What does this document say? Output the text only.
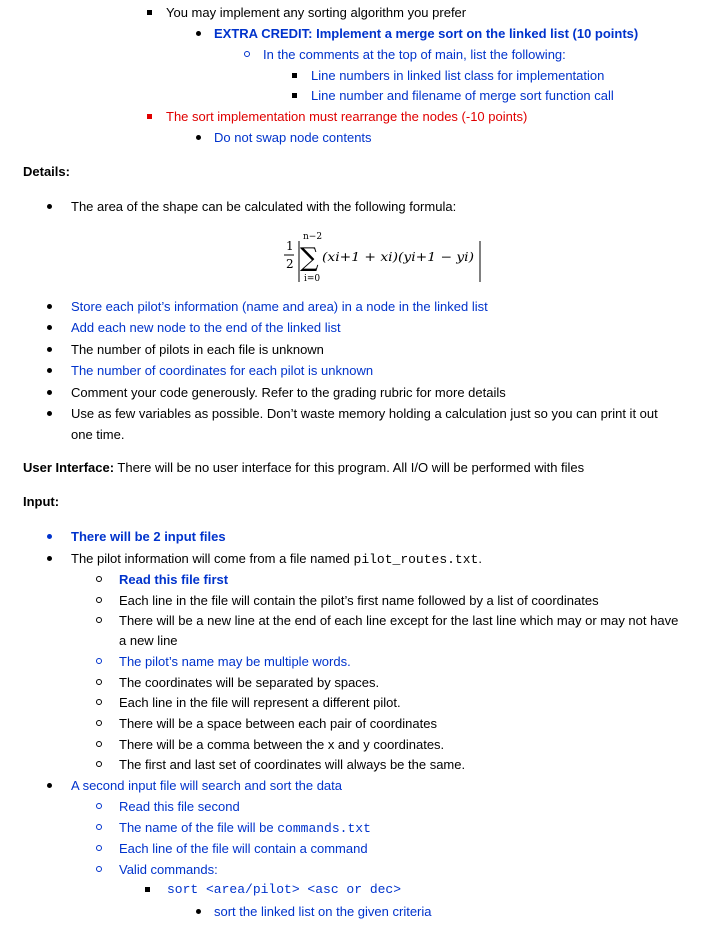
You may implement any sorting algorithm you prefer
EXTRA CREDIT: Implement a merge sort on the linked list (10 points)
In the comments at the top of main, list the following:
Line numbers in linked list class for implementation
Line number and filename of merge sort function call
The sort implementation must rearrange the nodes (-10 points)
Do not swap node contents
Details:
The area of the shape can be calculated with the following formula:
1
2
n−2
∑
i=0
(xi+1 + xi)(yi+1 − yi)
Store each pilot’s information (name and area) in a node in the linked list
Add each new node to the end of the linked list
The number of pilots in each file is unknown
The number of coordinates for each pilot is unknown
Comment your code generously. Refer to the grading rubric for more details
Use as few variables as possible. Don’t waste memory holding a calculation just so you can print it out
one time.
User Interface: There will be no user interface for this program. All I/O will be performed with files
Input:
There will be 2 input files
The pilot information will come from a file named pilot_routes.txt.
Read this file first
Each line in the file will contain the pilot’s first name followed by a list of coordinates
There will be a new line at the end of each line except for the last line which may or may not have
a new line
The pilot’s name may be multiple words.
The coordinates will be separated by spaces.
Each line in the file will represent a different pilot.
There will be a space between each pair of coordinates
There will be a comma between the x and y coordinates.
The first and last set of coordinates will always be the same.
A second input file will search and sort the data
Read this file second
The name of the file will be commands.txt
Each line of the file will contain a command
Valid commands:
sort <area/pilot> <asc or dec>
sort the linked list on the given criteria
